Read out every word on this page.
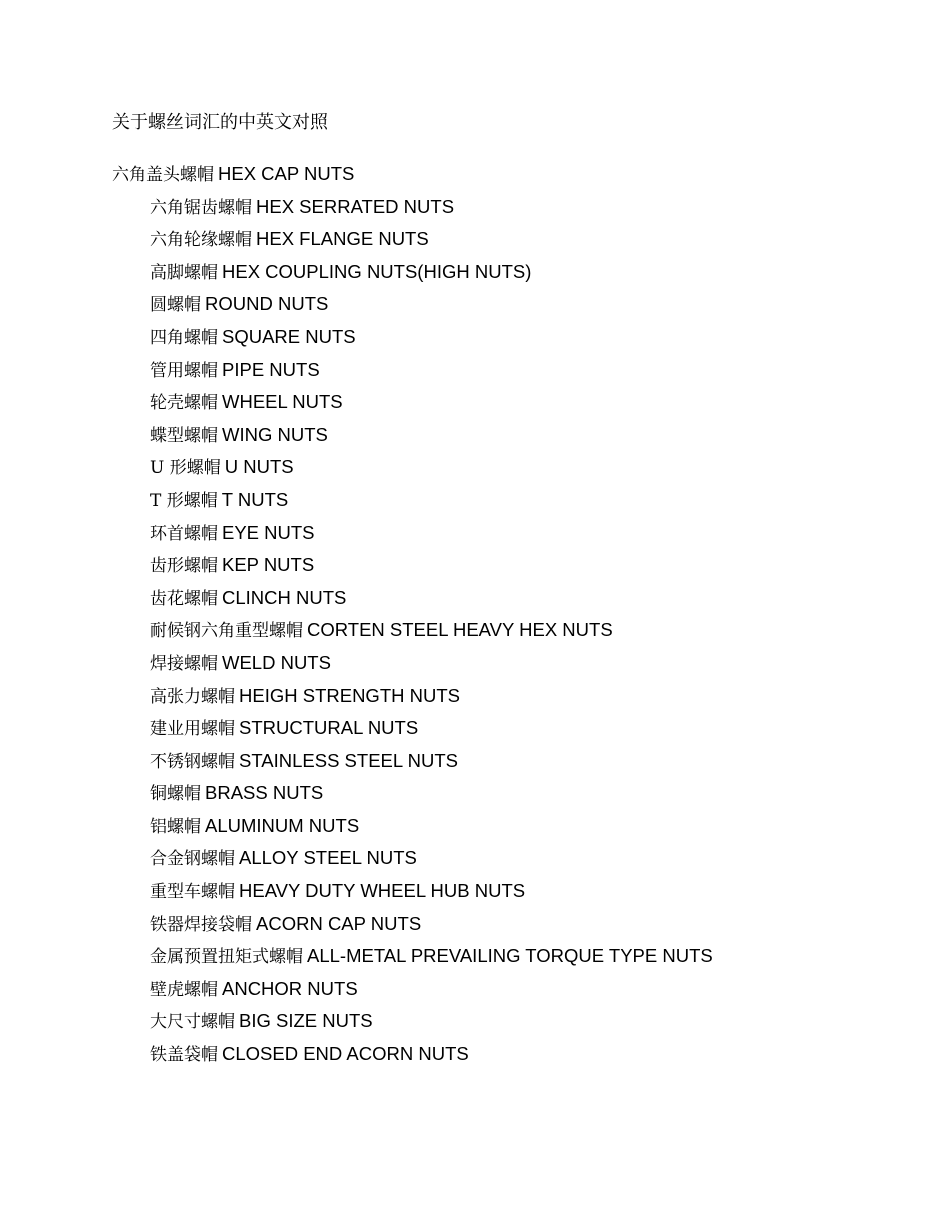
关于螺丝词汇的中英文对照
六角盖头螺帽 HEX CAP NUTS
六角锯齿螺帽 HEX SERRATED NUTS
六角轮缘螺帽 HEX FLANGE NUTS
高脚螺帽 HEX COUPLING NUTS(HIGH NUTS)
圆螺帽 ROUND NUTS
四角螺帽 SQUARE NUTS
管用螺帽 PIPE NUTS
轮壳螺帽 WHEEL NUTS
蝶型螺帽 WING NUTS
U 形螺帽 U NUTS
T 形螺帽 T NUTS
环首螺帽 EYE NUTS
齿形螺帽 KEP NUTS
齿花螺帽 CLINCH NUTS
耐候钢六角重型螺帽 CORTEN STEEL HEAVY HEX NUTS
焊接螺帽 WELD NUTS
高张力螺帽 HEIGH STRENGTH NUTS
建业用螺帽 STRUCTURAL NUTS
不锈钢螺帽 STAINLESS STEEL NUTS
铜螺帽 BRASS NUTS
铝螺帽 ALUMINUM NUTS
合金钢螺帽 ALLOY STEEL NUTS
重型车螺帽 HEAVY DUTY WHEEL HUB NUTS
铁器焊接袋帽 ACORN CAP NUTS
金属预置扭矩式螺帽 ALL-METAL PREVAILING TORQUE TYPE NUTS
壁虎螺帽 ANCHOR NUTS
大尺寸螺帽 BIG SIZE NUTS
铁盖袋帽 CLOSED END ACORN NUTS
